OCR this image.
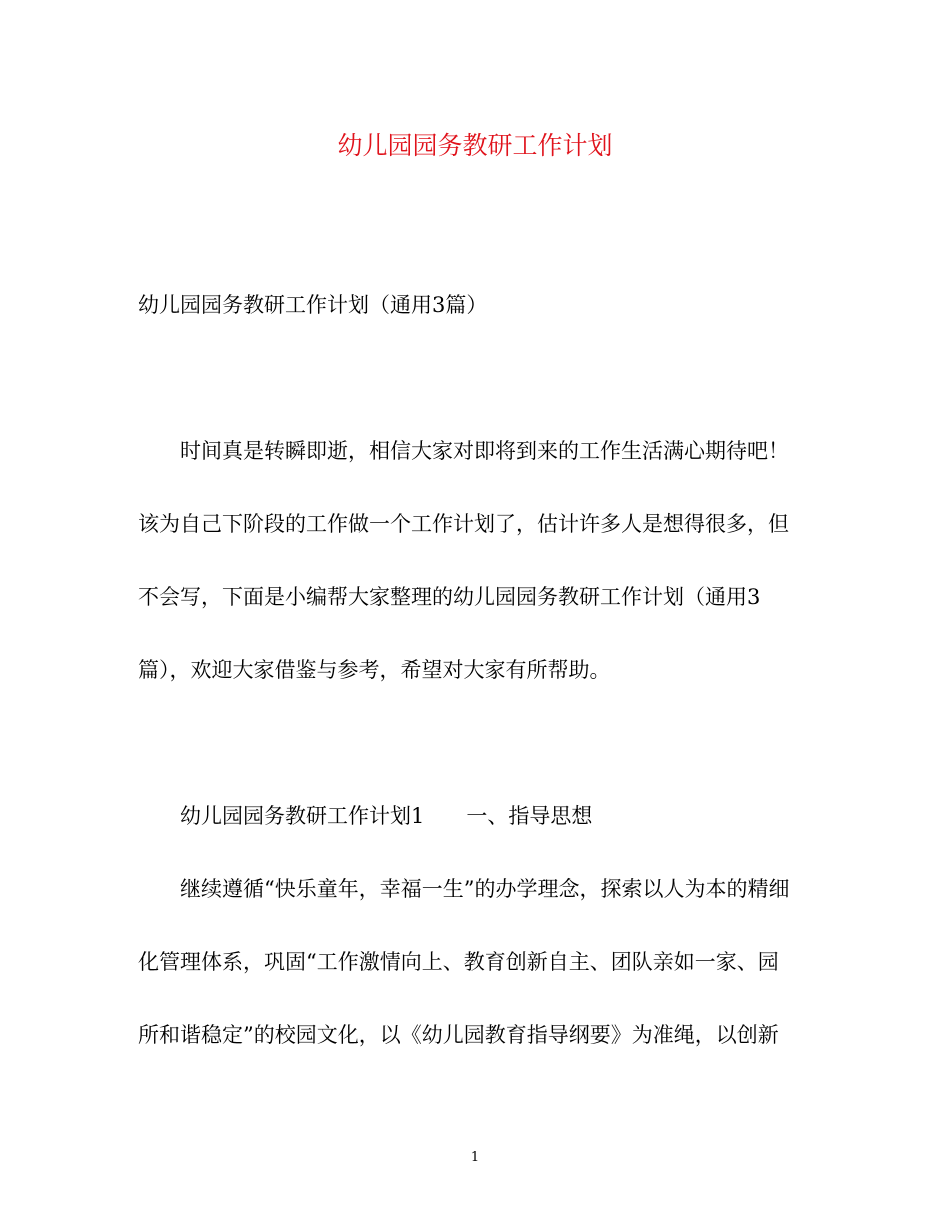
幼儿园园务教研工作计划
幼儿园园务教研工作计划（通用3篇）
时间真是转瞬即逝，相信大家对即将到来的工作生活满心期待吧！
该为自己下阶段的工作做一个工作计划了，估计许多人是想得很多，但
不会写，下面是小编帮大家整理的幼儿园园务教研工作计划（通用3
篇），欢迎大家借鉴与参考，希望对大家有所帮助。
幼儿园园务教研工作计划1 一、指导思想
继续遵循“快乐童年，幸福一生”的办学理念，探索以人为本的精细
化管理体系，巩固“工作激情向上、教育创新自主、团队亲如一家、园
所和谐稳定”的校园文化，以《幼儿园教育指导纲要》为准绳，以创新
1
